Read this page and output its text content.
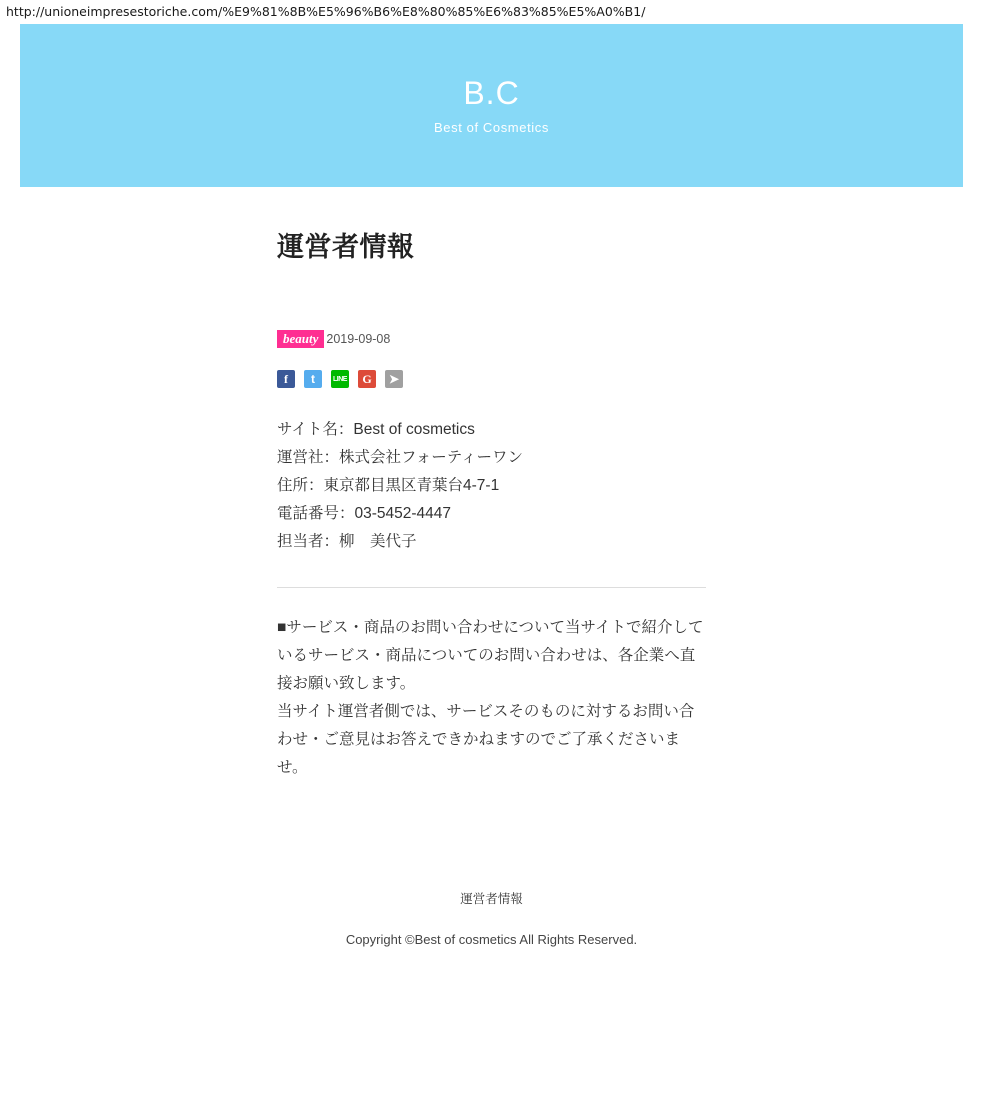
http://unioneimpresestoriche.com/%E9%81%8B%E5%96%B6%E8%80%85%E6%83%85%E5%A0%B1/
B.C
Best of Cosmetics
運営者情報
beauty 2019-09-08
f	t	LINE	G	➤
サイト名：Best of cosmetics
運営社：株式会社フォーティーワン
住所：東京都目黒区青葉台4-7-1
電話番号：03-5452-4447
担当者：柳　美代子
■サービス・商品のお問い合わせについて当サイトで紹介しているサービス・商品についてのお問い合わせは、各企業へ直接お願い致します。
当サイト運営者側では、サービスそのものに対するお問い合わせ・ご意見はお答えできかねますのでご了承くださいませ。
運営者情報
Copyright ©Best of cosmetics All Rights Reserved.
